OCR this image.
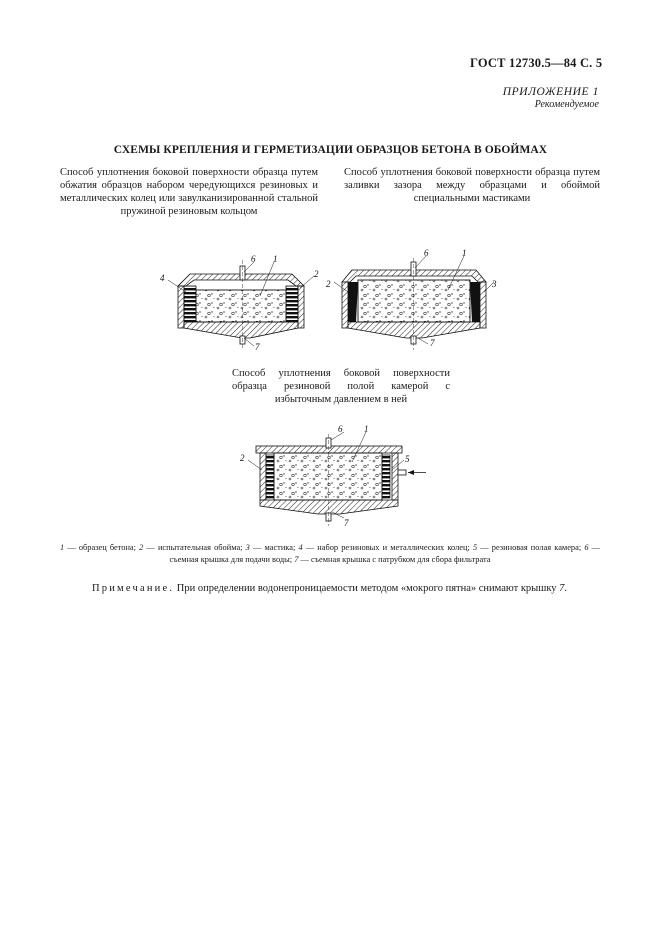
ГОСТ 12730.5—84 С. 5
ПРИЛОЖЕНИЕ 1
Рекомендуемое
СХЕМЫ КРЕПЛЕНИЯ И ГЕРМЕТИЗАЦИИ ОБРАЗЦОВ БЕТОНА В ОБОЙМАХ
Способ уплотнения боковой поверхности образца путем обжатия образцов набором чередующихся резиновых и металлических колец или завулканизированной стальной пружиной резиновым кольцом
Способ уплотнения боковой поверхности образца путем заливки зазора между образцами и обоймой специальными мастиками
4	2
6 1
7
2	3
6	1
7
2
6 1
5
7
Способ уплотнения боковой поверхности образца резиновой полой камерой с избыточным давлением в ней
1 — образец бетона; 2 — испытательная обойма; 3 — мастика; 4 — набор резиновых и металлических колец; 5 — резиновая полая камера; 6 — съемная крышка для подачи воды; 7 — съемная крышка с патрубком для сбора фильтрата
Примечание. При определении водонепроницаемости методом «мокрого пятна» снимают крышку 7.
